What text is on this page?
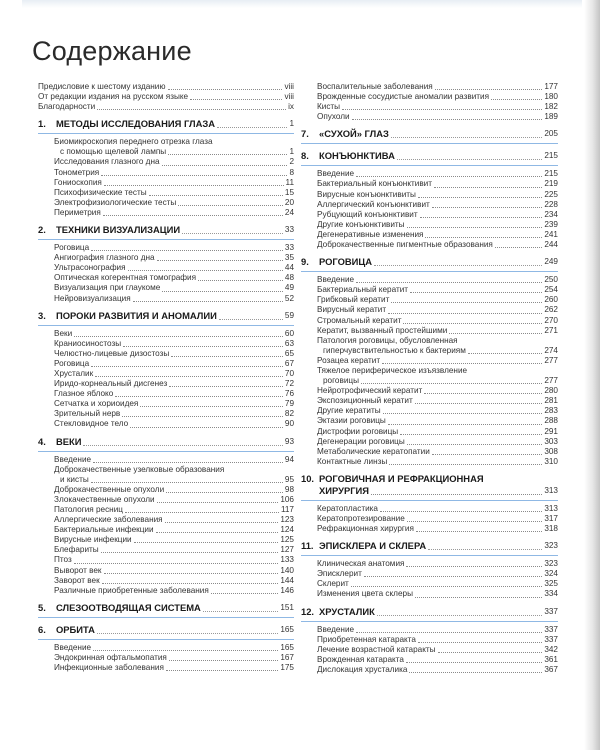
Содержание
Предисловие к шестому изданию	viii
От редакции издания на русском языке	viii
Благодарности	ix
1.	МЕТОДЫ ИССЛЕДОВАНИЯ ГЛАЗА	1
Биомикроскопия переднего отрезка глаза
с помощью щелевой лампы	1
Исследования глазного дна	2
Тонометрия	8
Гониоскопия	11
Психофизические тесты	15
Электрофизиологические тесты	20
Периметрия	24
2.	ТЕХНИКИ ВИЗУАЛИЗАЦИИ	33
Роговица	33
Ангиография глазного дна	35
Ультрасонография	44
Оптическая когерентная томография	48
Визуализация при глаукоме	49
Нейровизуализация	52
3.	ПОРОКИ РАЗВИТИЯ И АНОМАЛИИ	59
Веки	60
Краниосиностозы	63
Челюстно-лицевые дизостозы	65
Роговица	67
Хрусталик	70
Иридо-корнеальный дисгенез	72
Глазное яблоко	76
Сетчатка и хориоидея	79
Зрительный нерв	82
Стекловидное тело	90
4.	ВЕКИ	93
Введение	94
Доброкачественные узелковые образования
и кисты	95
Доброкачественные опухоли	98
Злокачественные опухоли	106
Патология ресниц	117
Аллергические заболевания	123
Бактериальные инфекции	124
Вирусные инфекции	125
Блефариты	127
Птоз	133
Выворот век	140
Заворот век	144
Различные приобретенные заболевания	146
5.	СЛЕЗООТВОДЯЩАЯ СИСТЕМА	151
6.	ОРБИТА	165
Введение	165
Эндокринная офтальмопатия	167
Инфекционные заболевания	175
Воспалительные заболевания	177
Врожденные сосудистые аномалии развития	180
Кисты	182
Опухоли	189
7.	«СУХОЙ» ГЛАЗ	205
8.	КОНЪЮНКТИВА	215
Введение	215
Бактериальный конъюнктивит	219
Вирусные конъюнктивиты	225
Аллергический конъюнктивит	228
Рубцующий конъюнктивит	234
Другие конъюнктивиты	239
Дегенеративные изменения	241
Доброкачественные пигментные образования	244
9.	РОГОВИЦА	249
Введение	250
Бактериальный кератит	254
Грибковый кератит	260
Вирусный кератит	262
Стромальный кератит	270
Кератит, вызванный простейшими	271
Патология роговицы, обусловленная
гиперчувствительностью к бактериям	274
Розацеа кератит	277
Тяжелое периферическое изъязвление
роговицы	277
Нейротрофический кератит	280
Экспозиционный кератит	281
Другие кератиты	283
Эктазии роговицы	288
Дистрофии роговицы	291
Дегенерации роговицы	303
Метаболические кератопатии	308
Контактные линзы	310
10. РОГОВИЧНАЯ И РЕФРАКЦИОННАЯ
ХИРУРГИЯ	313
Кератопластика	313
Кератопротезирование	317
Рефракционная хирургия	318
11. ЭПИСКЛЕРА И СКЛЕРА	323
Клиническая анатомия	323
Эписклерит	324
Склерит	325
Изменения цвета склеры	334
12. ХРУСТАЛИК	337
Введение	337
Приобретенная катаракта	337
Лечение возрастной катаракты	342
Врожденная катаракта	361
Дислокация хрусталика	367
